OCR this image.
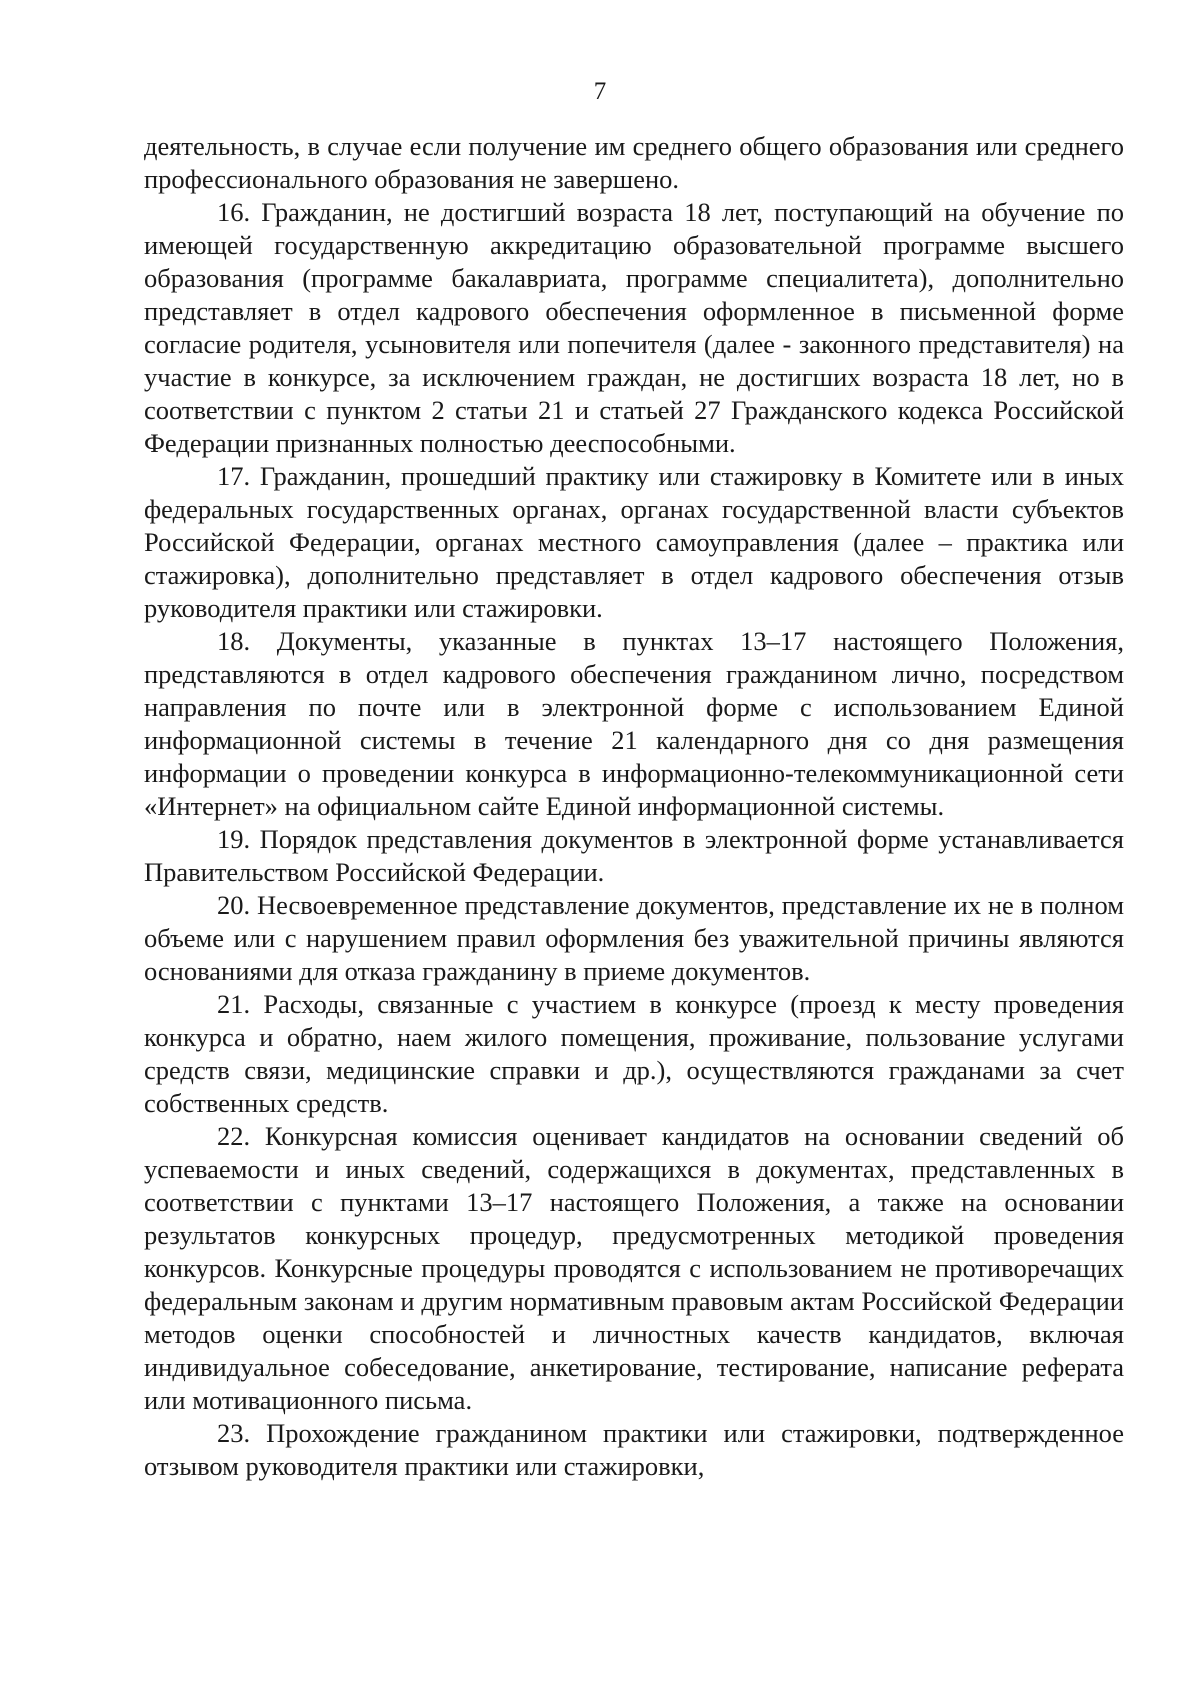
7

деятельность, в случае если получение им среднего общего образования или среднего профессионального образования не завершено.

16. Гражданин, не достигший возраста 18 лет, поступающий на обучение по имеющей государственную аккредитацию образовательной программе высшего образования (программе бакалавриата, программе специалитета), дополнительно представляет в отдел кадрового обеспечения оформленное в письменной форме согласие родителя, усыновителя или попечителя (далее - законного представителя) на участие в конкурсе, за исключением граждан, не достигших возраста 18 лет, но в соответствии с пунктом 2 статьи 21 и статьей 27 Гражданского кодекса Российской Федерации признанных полностью дееспособными.

17. Гражданин, прошедший практику или стажировку в Комитете или в иных федеральных государственных органах, органах государственной власти субъектов Российской Федерации, органах местного самоуправления (далее – практика или стажировка), дополнительно представляет в отдел кадрового обеспечения отзыв руководителя практики или стажировки.

18. Документы, указанные в пунктах 13–17 настоящего Положения, представляются в отдел кадрового обеспечения гражданином лично, посредством направления по почте или в электронной форме с использованием Единой информационной системы в течение 21 календарного дня со дня размещения информации о проведении конкурса в информационно-телекоммуникационной сети «Интернет» на официальном сайте Единой информационной системы.

19. Порядок представления документов в электронной форме устанавливается Правительством Российской Федерации.

20. Несвоевременное представление документов, представление их не в полном объеме или с нарушением правил оформления без уважительной причины являются основаниями для отказа гражданину в приеме документов.

21. Расходы, связанные с участием в конкурсе (проезд к месту проведения конкурса и обратно, наем жилого помещения, проживание, пользование услугами средств связи, медицинские справки и др.), осуществляются гражданами за счет собственных средств.

22. Конкурсная комиссия оценивает кандидатов на основании сведений об успеваемости и иных сведений, содержащихся в документах, представленных в соответствии с пунктами 13–17 настоящего Положения, а также на основании результатов конкурсных процедур, предусмотренных методикой проведения конкурсов. Конкурсные процедуры проводятся с использованием не противоречащих федеральным законам и другим нормативным правовым актам Российской Федерации методов оценки способностей и личностных качеств кандидатов, включая индивидуальное собеседование, анкетирование, тестирование, написание реферата или мотивационного письма.

23. Прохождение гражданином практики или стажировки, подтвержденное отзывом руководителя практики или стажировки,
